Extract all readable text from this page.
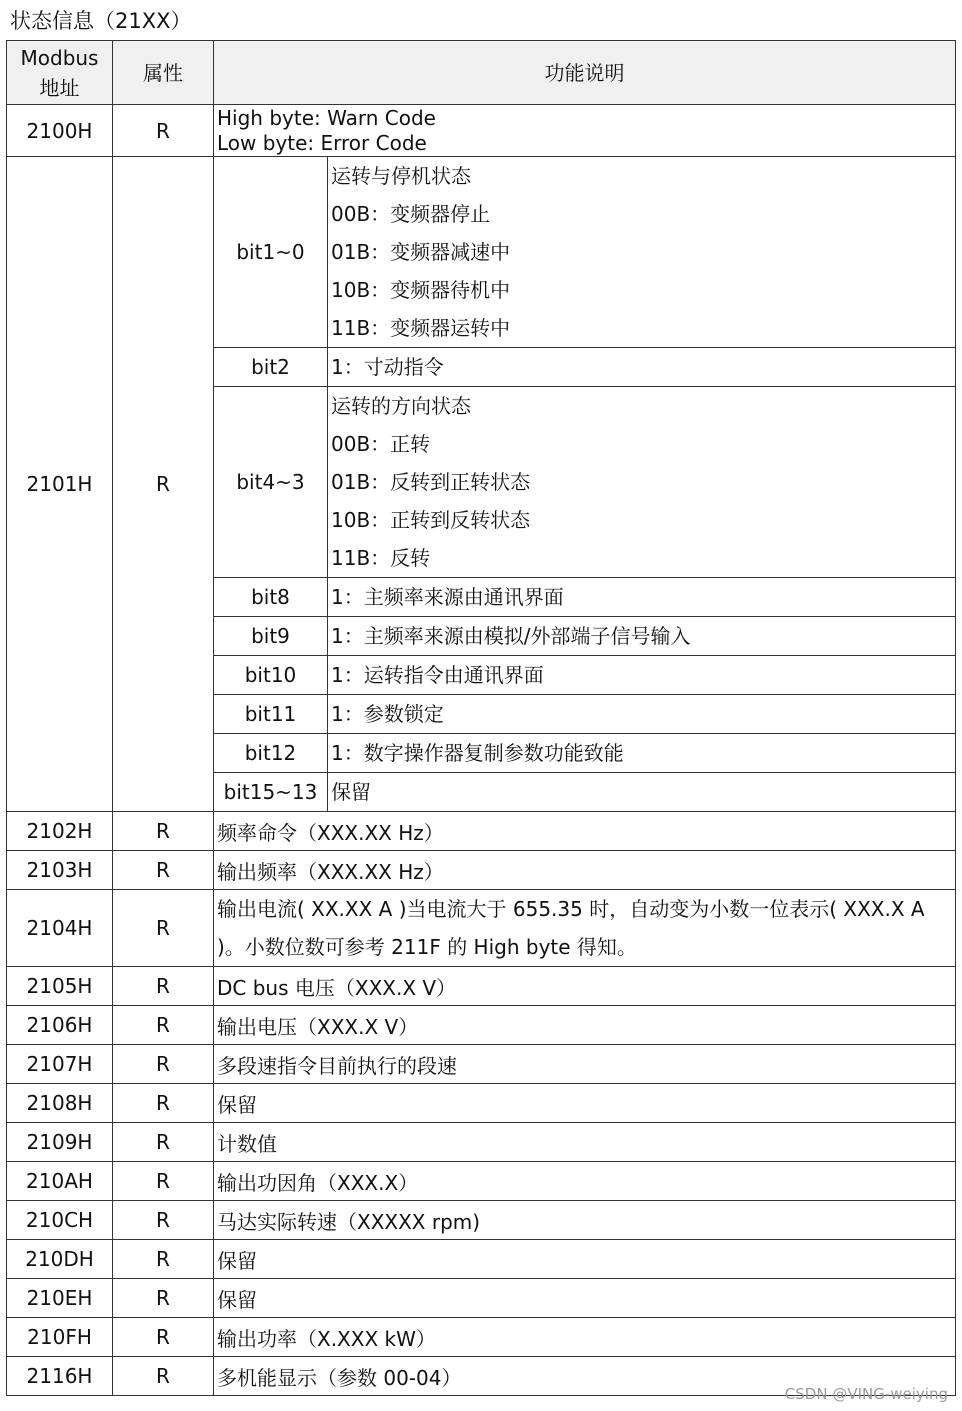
状态信息（21XX）
Modbus
地址	属性	功能说明	
2100H	R	High byte: Warn Code
Low byte: Error Code	

2101H	R	bit1~0	运转与停机状态
00B：变频器停止
01B：变频器减速中
10B：变频器待机中
11B：变频器运转中

		bit2	1：寸动指令

		bit4~3	运转的方向状态
00B：正转
01B：反转到正转状态
10B：正转到反转状态
11B：反转

		bit8	1：主频率来源由通讯界面

		bit9	1：主频率来源由模拟/外部端子信号输入

		bit10	1：运转指令由通讯界面

		bit11	1：参数锁定

		bit12	1：数字操作器复制参数功能致能

		bit15~13	保留

2102H	R	频率命令（XXX.XX Hz）	
2103H	R	输出频率（XXX.XX Hz）	
2104H	R	输出电流( XX.XX A )当电流大于 655.35 时，自动变为小数一位表示( XXX.X A )。小数位数可参考 211F 的 High byte 得知。	
2105H	R	DC bus 电压（XXX.X V）	
2106H	R	输出电压（XXX.X V）	
2107H	R	多段速指令目前执行的段速	
2108H	R	保留	
2109H	R	计数值	
210AH	R	输出功因角（XXX.X）	
210CH	R	马达实际转速（XXXXX rpm)	
210DH	R	保留	
210EH	R	保留	
210FH	R	输出功率（X.XXX kW）	
2116H	R	多机能显示（参数 00-04）	
CSDN @VING-weiying
